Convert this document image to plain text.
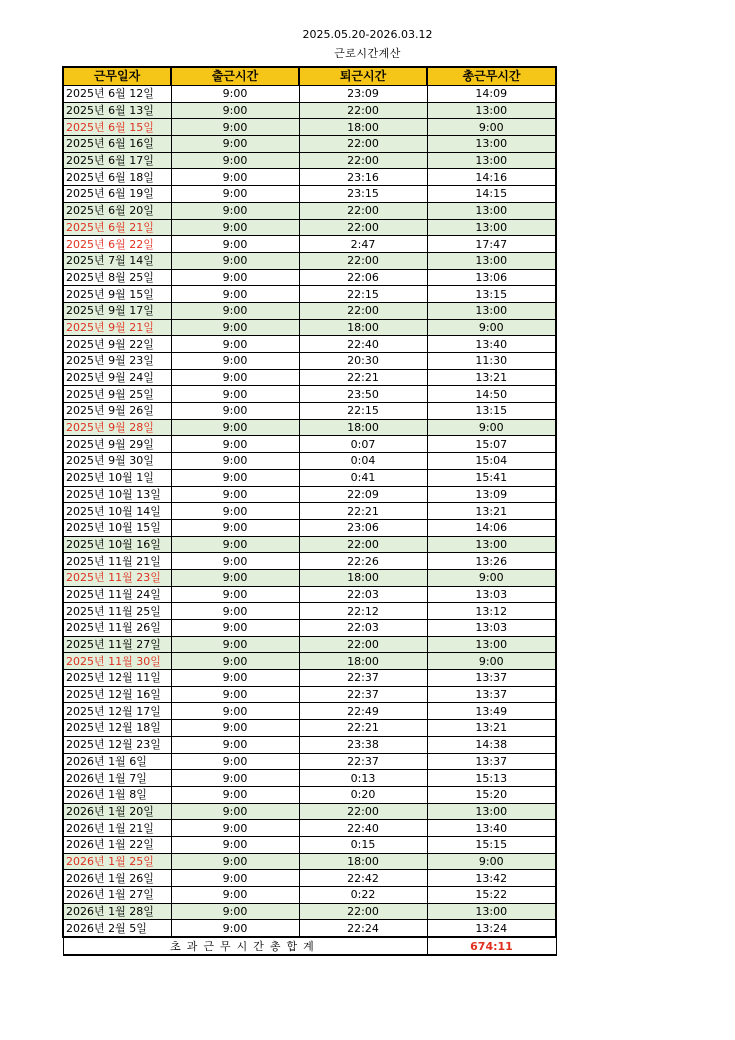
2025.05.20-2026.03.12
근로시간계산
근무일자	출근시간	퇴근시간	총근무시간
2025년 6월 12일	9:00	23:09	14:09
2025년 6월 13일	9:00	22:00	13:00
2025년 6월 15일	9:00	18:00	9:00
2025년 6월 16일	9:00	22:00	13:00
2025년 6월 17일	9:00	22:00	13:00
2025년 6월 18일	9:00	23:16	14:16
2025년 6월 19일	9:00	23:15	14:15
2025년 6월 20일	9:00	22:00	13:00
2025년 6월 21일	9:00	22:00	13:00
2025년 6월 22일	9:00	2:47	17:47
2025년 7월 14일	9:00	22:00	13:00
2025년 8월 25일	9:00	22:06	13:06
2025년 9월 15일	9:00	22:15	13:15
2025년 9월 17일	9:00	22:00	13:00
2025년 9월 21일	9:00	18:00	9:00
2025년 9월 22일	9:00	22:40	13:40
2025년 9월 23일	9:00	20:30	11:30
2025년 9월 24일	9:00	22:21	13:21
2025년 9월 25일	9:00	23:50	14:50
2025년 9월 26일	9:00	22:15	13:15
2025년 9월 28일	9:00	18:00	9:00
2025년 9월 29일	9:00	0:07	15:07
2025년 9월 30일	9:00	0:04	15:04
2025년 10월 1일	9:00	0:41	15:41
2025년 10월 13일	9:00	22:09	13:09
2025년 10월 14일	9:00	22:21	13:21
2025년 10월 15일	9:00	23:06	14:06
2025년 10월 16일	9:00	22:00	13:00
2025년 11월 21일	9:00	22:26	13:26
2025년 11월 23일	9:00	18:00	9:00
2025년 11월 24일	9:00	22:03	13:03
2025년 11월 25일	9:00	22:12	13:12
2025년 11월 26일	9:00	22:03	13:03
2025년 11월 27일	9:00	22:00	13:00
2025년 11월 30일	9:00	18:00	9:00
2025년 12월 11일	9:00	22:37	13:37
2025년 12월 16일	9:00	22:37	13:37
2025년 12월 17일	9:00	22:49	13:49
2025년 12월 18일	9:00	22:21	13:21
2025년 12월 23일	9:00	23:38	14:38
2026년 1월 6일	9:00	22:37	13:37
2026년 1월 7일	9:00	0:13	15:13
2026년 1월 8일	9:00	0:20	15:20
2026년 1월 20일	9:00	22:00	13:00
2026년 1월 21일	9:00	22:40	13:40
2026년 1월 22일	9:00	0:15	15:15
2026년 1월 25일	9:00	18:00	9:00
2026년 1월 26일	9:00	22:42	13:42
2026년 1월 27일	9:00	0:22	15:22
2026년 1월 28일	9:00	22:00	13:00
2026년 2월 5일	9:00	22:24	13:24
초과근무시간총합계			674:11
